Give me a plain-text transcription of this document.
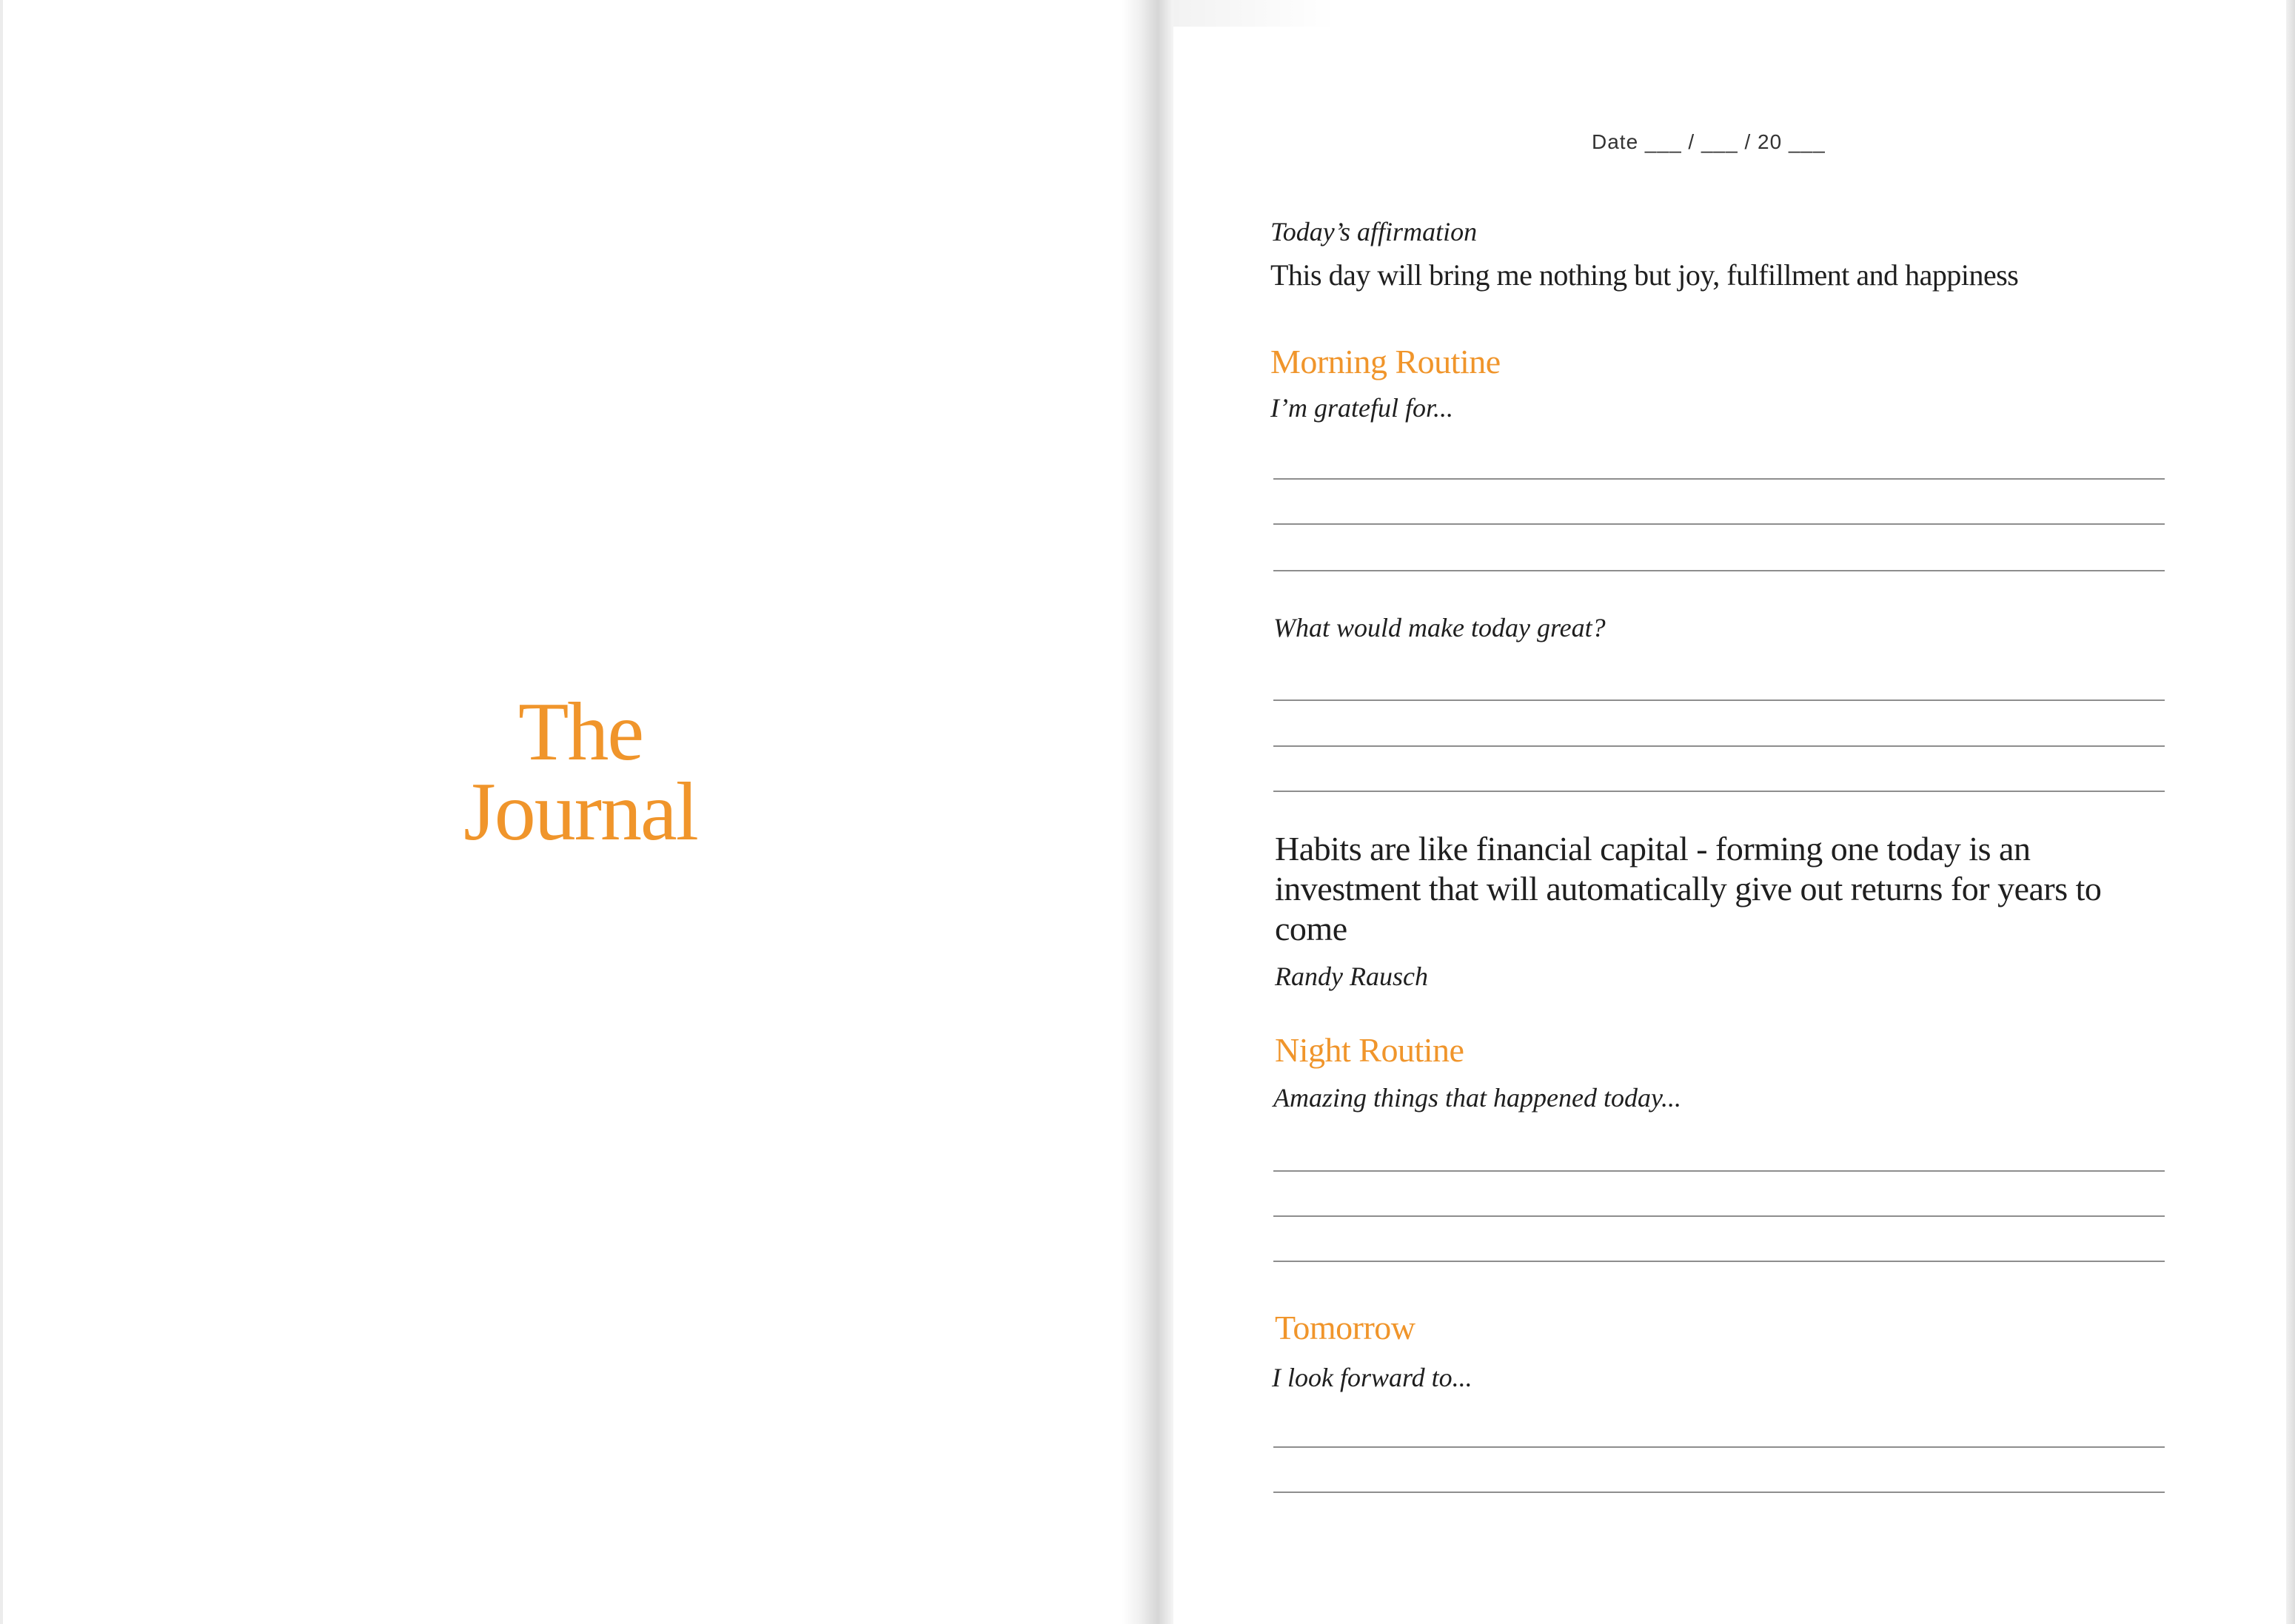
The
Journal
Date ___ / ___ / 20 ___
Today’s affirmation
This day will bring me nothing but joy, fulfillment and happiness
Morning Routine
I’m grateful for...
What would make today great?
Habits are like financial capital - forming one today is an investment that will automatically give out returns for years to come
Randy Rausch
Night Routine
Amazing things that happened today...
Tomorrow
I look forward to...
